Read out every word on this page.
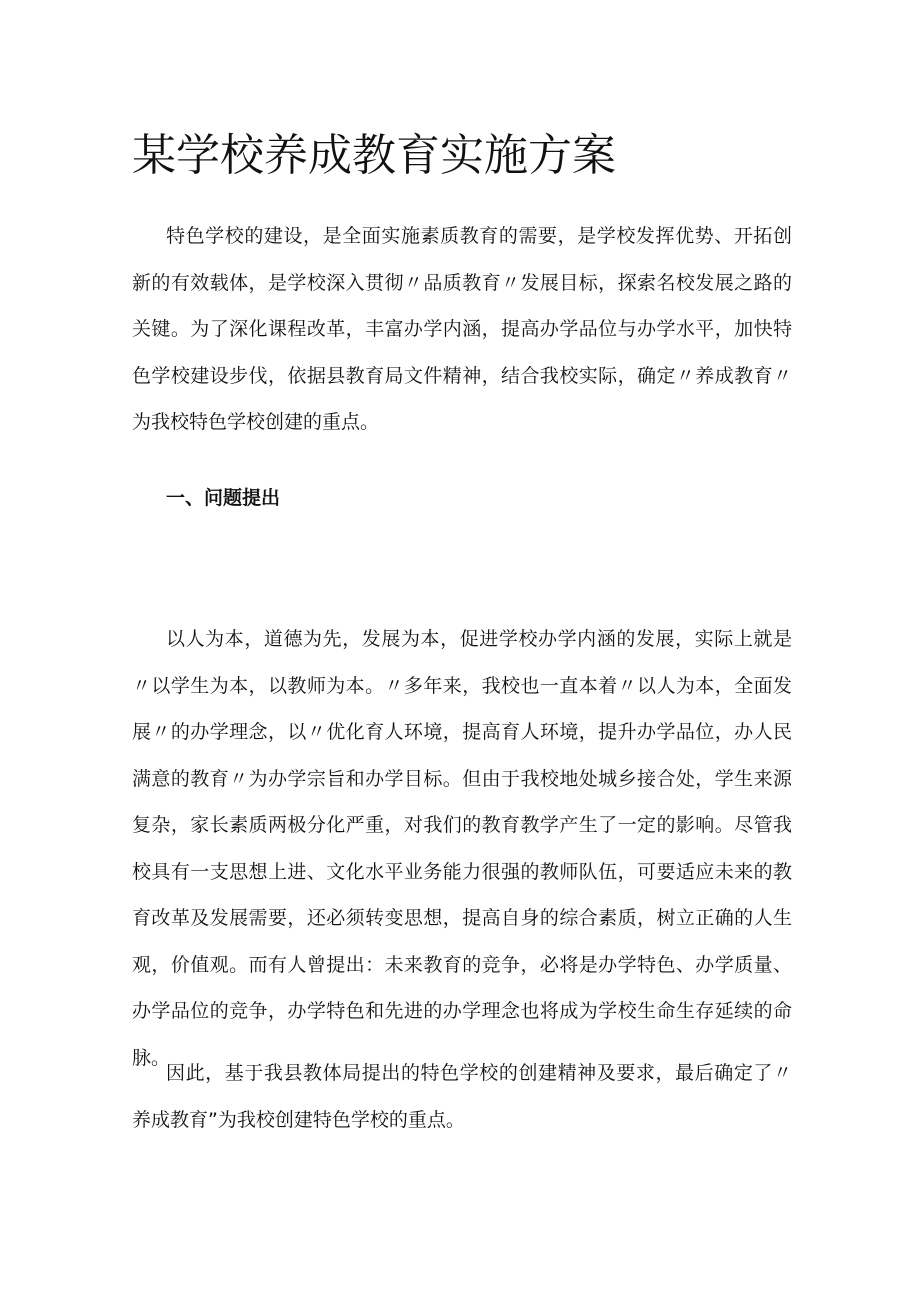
某学校养成教育实施方案

特色学校的建设，是全面实施素质教育的需要，是学校发挥优势、开拓创新的有效载体，是学校深入贯彻〃品质教育〃发展目标，探索名校发展之路的关键。为了深化课程改革，丰富办学内涵，提高办学品位与办学水平，加快特色学校建设步伐，依据县教育局文件精神，结合我校实际，确定〃养成教育〃为我校特色学校创建的重点。

一、问题提出

以人为本，道德为先，发展为本，促进学校办学内涵的发展，实际上就是〃以学生为本，以教师为本。〃多年来，我校也一直本着〃以人为本，全面发展〃的办学理念，以〃优化育人环境，提高育人环境，提升办学品位，办人民满意的教育〃为办学宗旨和办学目标。但由于我校地处城乡接合处，学生来源复杂，家长素质两极分化严重，对我们的教育教学产生了一定的影响。尽管我校具有一支思想上进、文化水平业务能力很强的教师队伍，可要适应未来的教育改革及发展需要，还必须转变思想，提高自身的综合素质，树立正确的人生观，价值观。而有人曾提出：未来教育的竞争，必将是办学特色、办学质量、办学品位的竞争，办学特色和先进的办学理念也将成为学校生命生存延续的命脉。

因此，基于我县教体局提出的特色学校的创建精神及要求，最后确定了〃养成教育”为我校创建特色学校的重点。
